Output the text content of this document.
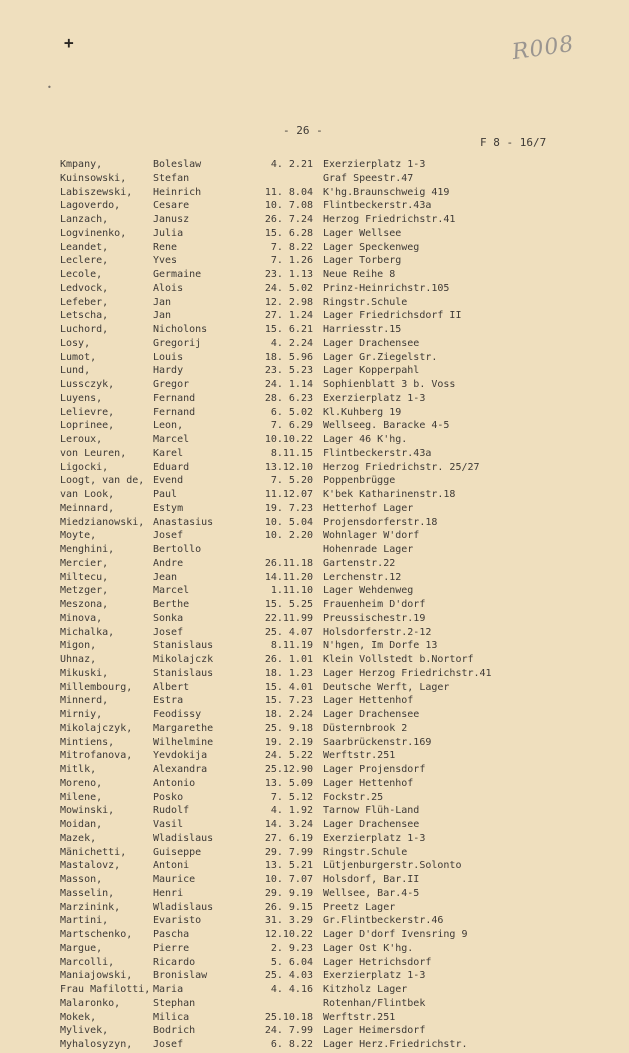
+
•
R008
- 26 -
F 8 - 16/7
Kmpany,	Boleslaw	4. 2.21 Exerzierplatz 1-3
Kuinsowski,	Stefan	Graf Speestr.47
Labiszewski,	Heinrich	11. 8.04 K'hg.Braunschweig 419
Lagoverdo,	Cesare	10. 7.08 Flintbeckerstr.43a
Lanzach,	Janusz	26. 7.24 Herzog Friedrichstr.41
Logvinenko,	Julia	15. 6.28 Lager Wellsee
Leandet,	Rene	7. 8.22 Lager Speckenweg
Leclere,	Yves	7. 1.26 Lager Torberg
Lecole,	Germaine	23. 1.13 Neue Reihe 8
Ledvock,	Alois	24. 5.02 Prinz-Heinrichstr.105
Lefeber,	Jan	12. 2.98 Ringstr.Schule
Letscha,	Jan	27. 1.24 Lager Friedrichsdorf II
Luchord,	Nicholons	15. 6.21 Harriesstr.15
Losy,	Gregorij	4. 2.24 Lager Drachensee
Lumot,	Louis	18. 5.96 Lager Gr.Ziegelstr.
Lund,	Hardy	23. 5.23 Lager Kopperpahl
Lussczyk,	Gregor	24. 1.14 Sophienblatt 3 b. Voss
Luyens,	Fernand	28. 6.23 Exerzierplatz 1-3
Lelievre,	Fernand	6. 5.02 Kl.Kuhberg 19
Loprinee,	Leon,	7. 6.29 Wellseeg. Baracke 4-5
Leroux,	Marcel	10.10.22 Lager 46 K'hg.
von Leuren,	Karel	8.11.15 Flintbeckerstr.43a
Ligocki,	Eduard	13.12.10 Herzog Friedrichstr. 25/27
Loogt, van de, Evend	7. 5.20 Poppenbrügge
van Look,	Paul	11.12.07 K'bek Katharinenstr.18
Meinnard,	Estym	19. 7.23 Hetterhof Lager
Miedzianowski, Anastasius	10. 5.04 Projensdorferstr.18
Moyte,	Josef	10. 2.20 Wohnlager W'dorf
Menghini,	Bertollo	Hohenrade Lager
Mercier,	Andre	26.11.18 Gartenstr.22
Miltecu,	Jean	14.11.20 Lerchenstr.12
Metzger,	Marcel	1.11.10 Lager Wehdenweg
Meszona,	Berthe	15. 5.25 Frauenheim D'dorf
Minova,	Sonka	22.11.99 Preussischestr.19
Michalka,	Josef	25. 4.07 Holsdorferstr.2-12
Migon,	Stanislaus	8.11.19 N'hgen, Im Dorfe 13
Uhnaz,	Mikolajczk	26. 1.01 Klein Vollstedt b.Nortorf
Mikuski,	Stanislaus	18. 1.23 Lager Herzog Friedrichstr.41
Millembourg,	Albert	15. 4.01 Deutsche Werft, Lager
Minnerd,	Estra	15. 7.23 Lager Hettenhof
Mirniy,	Feodissy	18. 2.24 Lager Drachensee
Mikolajczyk,	Margarethe	25. 9.18 Düsternbrook 2
Mintiens,	Wilhelmine	19. 2.19 Saarbrückenstr.169
Mitrofanova,	Yevdokija	24. 5.22 Werftstr.251
Mitlk,	Alexandra	25.12.90 Lager Projensdorf
Moreno,	Antonio	13. 5.09 Lager Hettenhof
Milene,	Posko	7. 5.12 Fockstr.25
Mowinski,	Rudolf	4. 1.92 Tarnow Flüh-Land
Moidan,	Vasil	14. 3.24 Lager Drachensee
Mazek,	Wladislaus	27. 6.19 Exerzierplatz 1-3
Mänichetti,	Guiseppe	29. 7.99 Ringstr.Schule
Mastalovz,	Antoni	13. 5.21 Lütjenburgerstr.Solonto
Masson,	Maurice	10. 7.07 Holsdorf, Bar.II
Masselin,	Henri	29. 9.19 Wellsee, Bar.4-5
Marzinink,	Wladislaus	26. 9.15 Preetz Lager
Martini,	Evaristo	31. 3.29 Gr.Flintbeckerstr.46
Martschenko,	Pascha	12.10.22 Lager D'dorf Ivensring 9
Margue,	Pierre	2. 9.23 Lager Ost K'hg.
Marcolli,	Ricardo	5. 6.04 Lager Hetrichsdorf
Maniajowski,	Bronislaw	25. 4.03 Exerzierplatz 1-3
Frau Mafilotti, Maria	4. 4.16 Kitzholz Lager
Malaronko,	Stephan	Rotenhan/Flintbek
Mokek,	Milica	25.10.18 Werftstr.251
Mylivek,	Bodrich	24. 7.99 Lager Heimersdorf
Myhalosyzyn,	Josef	6. 8.22 Lager Herz.Friedrichstr.
